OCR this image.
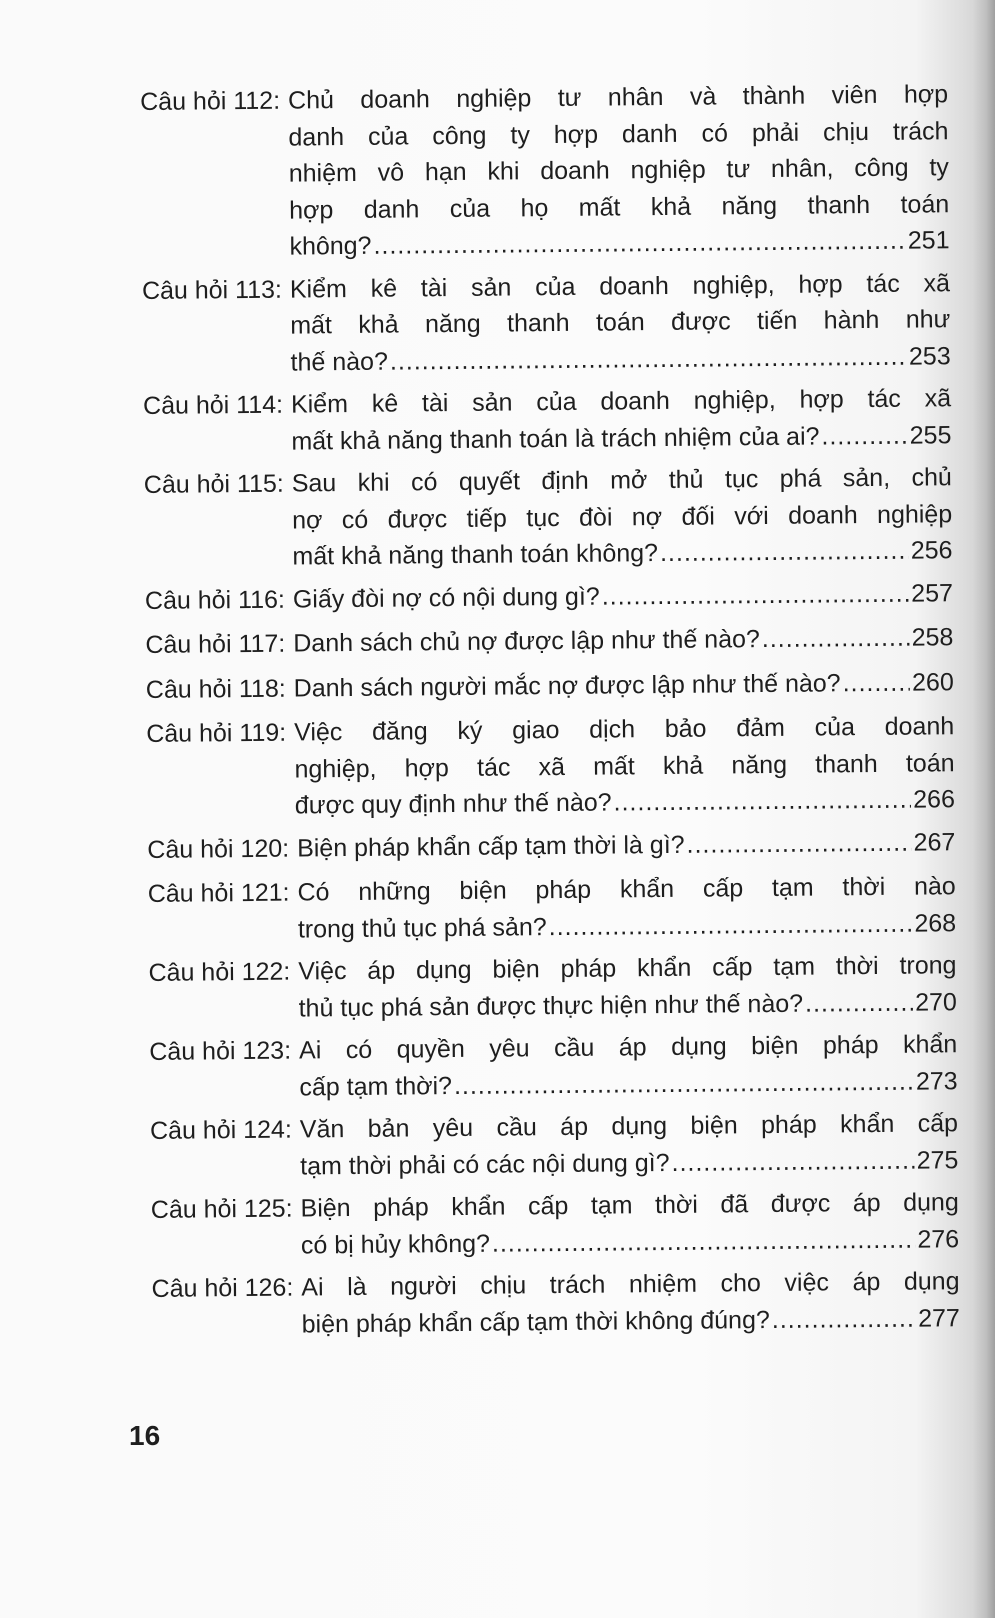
Câu hỏi 112: Chủ doanh nghiệp tư nhân và thành viên hợp
danh của công ty hợp danh có phải chịu trách
nhiệm vô hạn khi doanh nghiệp tư nhân, công ty
hợp danh của họ mất khả năng thanh toán
không? .....	251
Câu hỏi 113: Kiểm kê tài sản của doanh nghiệp, hợp tác xã
mất khả năng thanh toán được tiến hành như
thế nào? .....	253
Câu hỏi 114: Kiểm kê tài sản của doanh nghiệp, hợp tác xã
mất khả năng thanh toán là trách nhiệm của ai? .....	255
Câu hỏi 115: Sau khi có quyết định mở thủ tục phá sản, chủ
nợ có được tiếp tục đòi nợ đối với doanh nghiệp
mất khả năng thanh toán không? .....	256
Câu hỏi 116: Giấy đòi nợ có nội dung gì? .....	257
Câu hỏi 117: Danh sách chủ nợ được lập như thế nào? .....	258
Câu hỏi 118: Danh sách người mắc nợ được lập như thế nào? .....	260
Câu hỏi 119: Việc đăng ký giao dịch bảo đảm của doanh
nghiệp, hợp tác xã mất khả năng thanh toán
được quy định như thế nào? .....	266
Câu hỏi 120: Biện pháp khẩn cấp tạm thời là gì? .....	267
Câu hỏi 121: Có những biện pháp khẩn cấp tạm thời nào
trong thủ tục phá sản? .....	268
Câu hỏi 122: Việc áp dụng biện pháp khẩn cấp tạm thời trong
thủ tục phá sản được thực hiện như thế nào? .....	270
Câu hỏi 123: Ai có quyền yêu cầu áp dụng biện pháp khẩn
cấp tạm thời? .....	273
Câu hỏi 124: Văn bản yêu cầu áp dụng biện pháp khẩn cấp
tạm thời phải có các nội dung gì? .....	275
Câu hỏi 125: Biện pháp khẩn cấp tạm thời đã được áp dụng
có bị hủy không? .....	276
Câu hỏi 126: Ai là người chịu trách nhiệm cho việc áp dụng
biện pháp khẩn cấp tạm thời không đúng? .....	277
16
